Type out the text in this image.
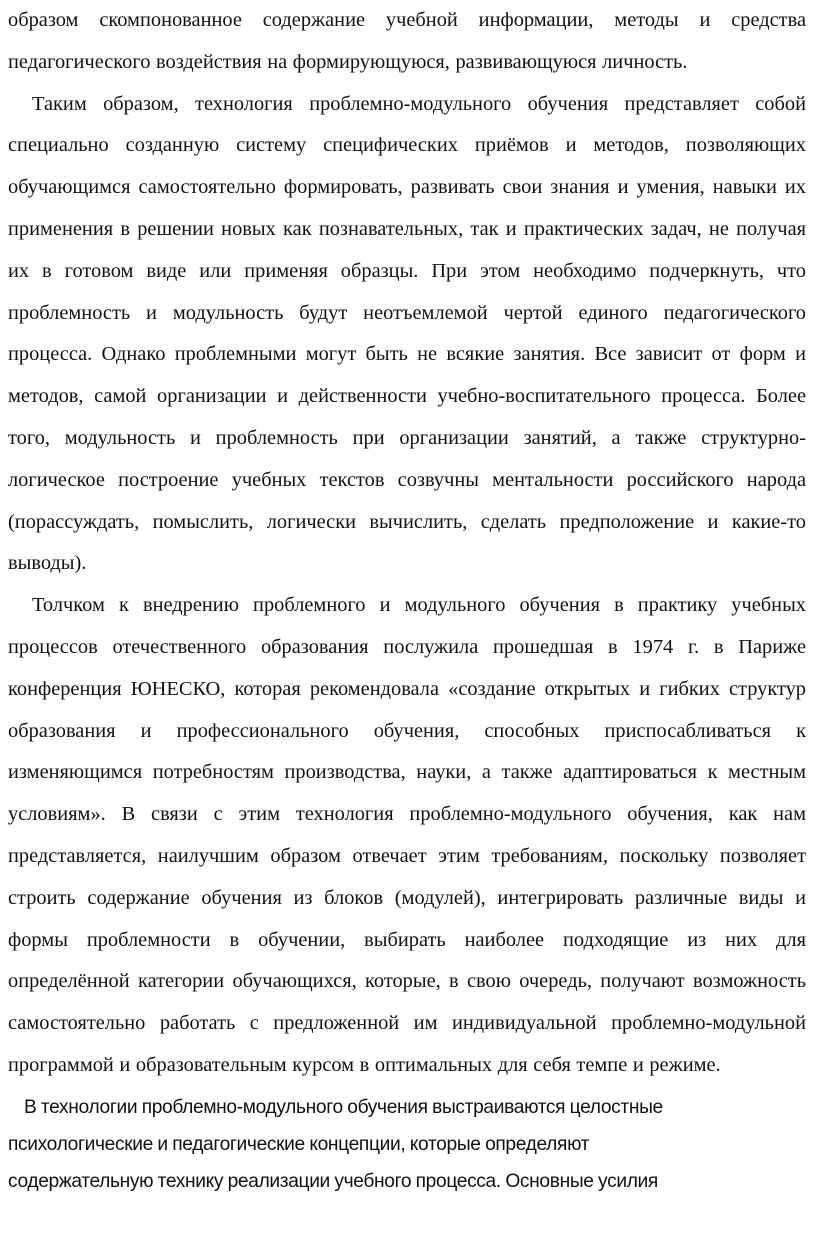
образом скомпонованное содержание учебной информации, методы и средства педагогического воздействия на формирующуюся, развивающуюся личность.

Таким образом, технология проблемно-модульного обучения представляет собой специально созданную систему специфических приёмов и методов, позволяющих обучающимся самостоятельно формировать, развивать свои знания и умения, навыки их применения в решении новых как познавательных, так и практических задач, не получая их в готовом виде или применяя образцы. При этом необходимо подчеркнуть, что проблемность и модульность будут неотъемлемой чертой единого педагогического процесса. Однако проблемными могут быть не всякие занятия. Все зависит от форм и методов, самой организации и действенности учебно-воспитательного процесса. Более того, модульность и проблемность при организации занятий, а также структурно-логическое построение учебных текстов созвучны ментальности российского народа (порассуждать, помыслить, логически вычислить, сделать предположение и какие-то выводы).

Толчком к внедрению проблемного и модульного обучения в практику учебных процессов отечественного образования послужила прошедшая в 1974 г. в Париже конференция ЮНЕСКО, которая рекомендовала «создание открытых и гибких структур образования и профессионального обучения, способных приспосабливаться к изменяющимся потребностям производства, науки, а также адаптироваться к местным условиям». В связи с этим технология проблемно-модульного обучения, как нам представляется, наилучшим образом отвечает этим требованиям, поскольку позволяет строить содержание обучения из блоков (модулей), интегрировать различные виды и формы проблемности в обучении, выбирать наиболее подходящие из них для определённой категории обучающихся, которые, в свою очередь, получают возможность самостоятельно работать с предложенной им индивидуальной проблемно-модульной программой и образовательным курсом в оптимальных для себя темпе и режиме.

В технологии проблемно-модульного обучения выстраиваются целостные
психологические и педагогические концепции, которые определяют
содержательную технику реализации учебного процесса. Основные усилия
